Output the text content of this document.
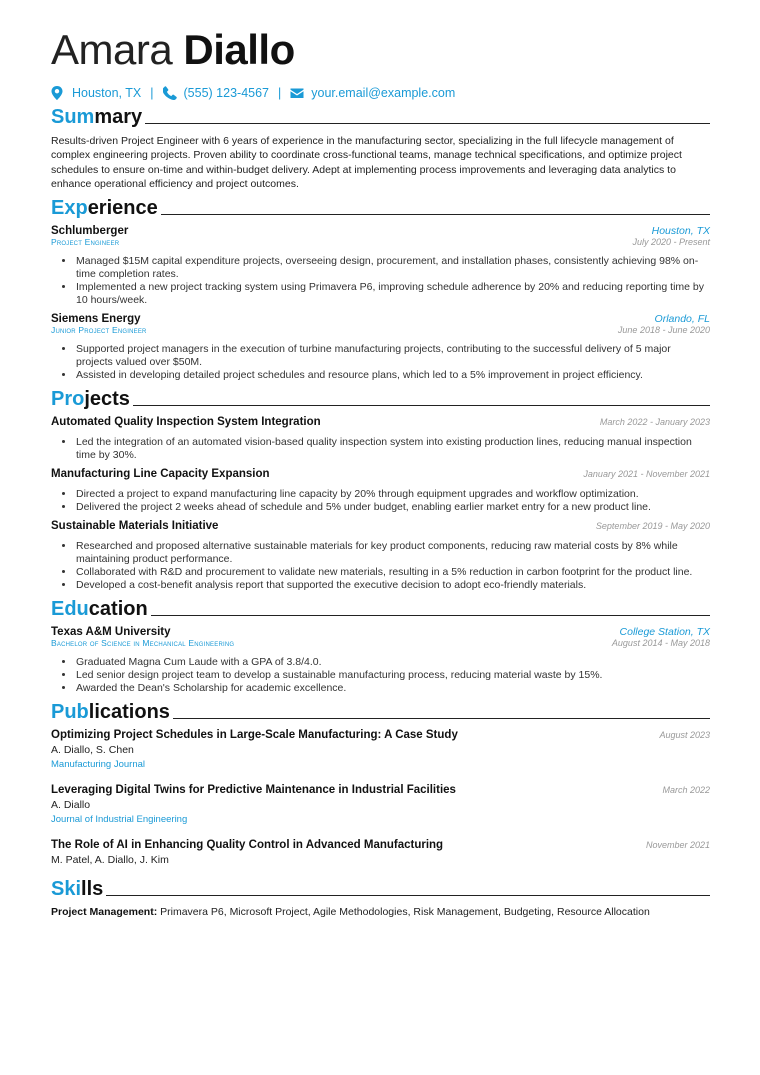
Amara Diallo
Houston, TX | (555) 123-4567 | your.email@example.com
Summary

Results-driven Project Engineer with 6 years of experience in the manufacturing sector, specializing in the full lifecycle management of complex engineering projects. Proven ability to coordinate cross-functional teams, manage technical specifications, and optimize project schedules to ensure on-time and within-budget delivery. Adept at implementing process improvements and leveraging data analytics to enhance operational efficiency and project outcomes.

Experience
Schlumberger	Houston, TX
Project Engineer	July 2020 - Present
• Managed $15M capital expenditure projects, overseeing design, procurement, and installation phases, consistently achieving 98% on-time completion rates.
• Implemented a new project tracking system using Primavera P6, improving schedule adherence by 20% and reducing reporting time by 10 hours/week.
Siemens Energy	Orlando, FL
Junior Project Engineer	June 2018 - June 2020
• Supported project managers in the execution of turbine manufacturing projects, contributing to the successful delivery of 5 major projects valued over $50M.
• Assisted in developing detailed project schedules and resource plans, which led to a 5% improvement in project efficiency.
Projects
Automated Quality Inspection System Integration	March 2022 - January 2023
• Led the integration of an automated vision-based quality inspection system into existing production lines, reducing manual inspection time by 30%.
Manufacturing Line Capacity Expansion	January 2021 - November 2021
• Directed a project to expand manufacturing line capacity by 20% through equipment upgrades and workflow optimization.
• Delivered the project 2 weeks ahead of schedule and 5% under budget, enabling earlier market entry for a new product line.
Sustainable Materials Initiative	September 2019 - May 2020
• Researched and proposed alternative sustainable materials for key product components, reducing raw material costs by 8% while maintaining product performance.
• Collaborated with R&D and procurement to validate new materials, resulting in a 5% reduction in carbon footprint for the product line.
• Developed a cost-benefit analysis report that supported the executive decision to adopt eco-friendly materials.
Education
Texas A&M University	College Station, TX
Bachelor of Science in Mechanical Engineering	August 2014 - May 2018
• Graduated Magna Cum Laude with a GPA of 3.8/4.0.
• Led senior design project team to develop a sustainable manufacturing process, reducing material waste by 15%.
• Awarded the Dean's Scholarship for academic excellence.
Publications
Optimizing Project Schedules in Large-Scale Manufacturing: A Case Study	August 2023
A. Diallo, S. Chen
Manufacturing Journal
Leveraging Digital Twins for Predictive Maintenance in Industrial Facilities	March 2022
A. Diallo
Journal of Industrial Engineering
The Role of AI in Enhancing Quality Control in Advanced Manufacturing	November 2021
M. Patel, A. Diallo, J. Kim
Skills
Project Management: Primavera P6, Microsoft Project, Agile Methodologies, Risk Management, Budgeting, Resource Allocation
